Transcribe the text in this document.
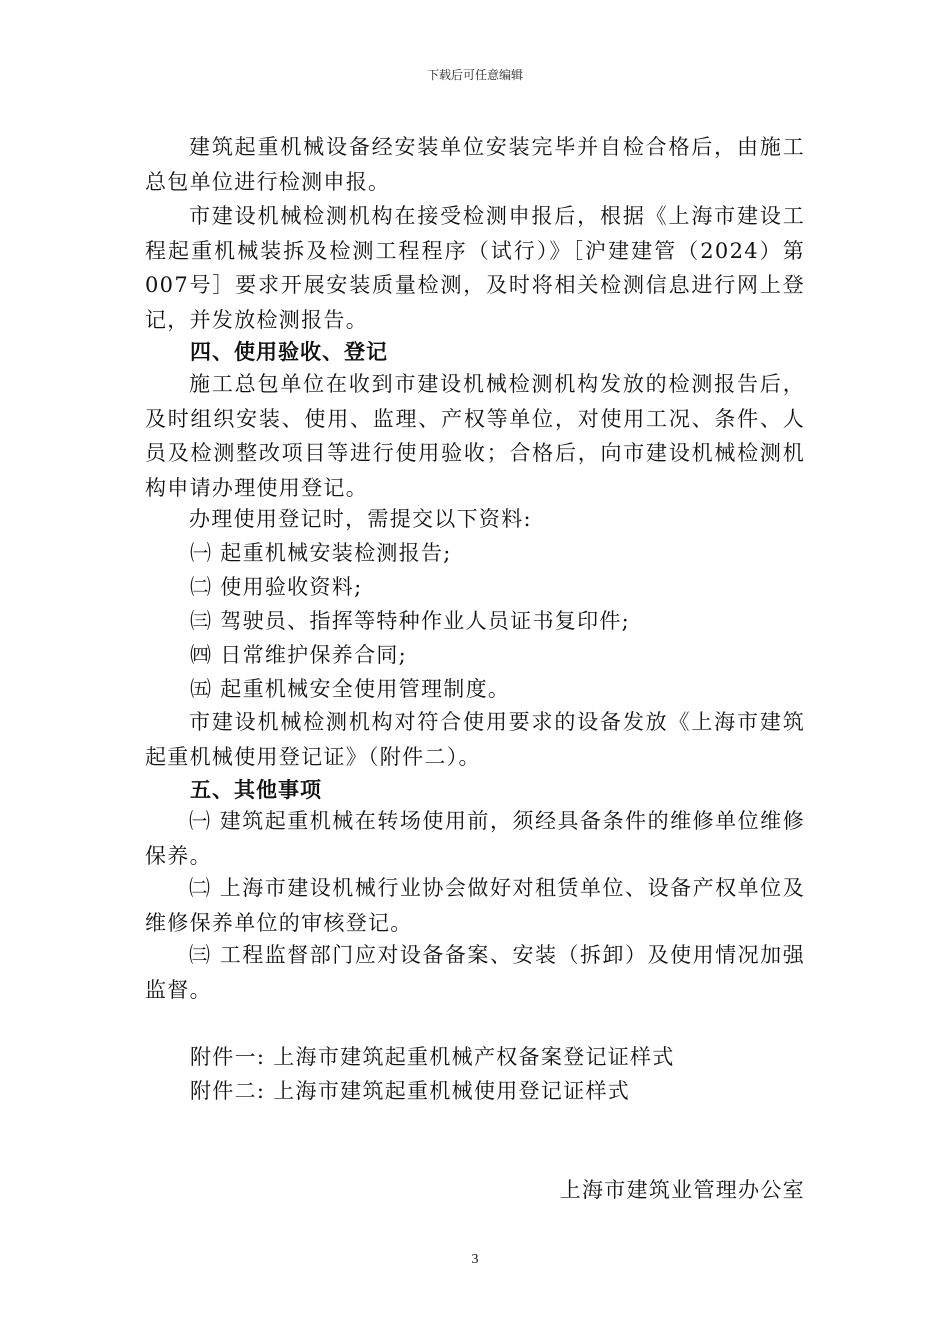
下载后可任意编辑
建筑起重机械设备经安装单位安装完毕并自检合格后，由施工总包单位进行检测申报。
市建设机械检测机构在接受检测申报后，根据《上海市建设工程起重机械装拆及检测工程程序（试行）》［沪建建管（2024）第007号］要求开展安装质量检测，及时将相关检测信息进行网上登记，并发放检测报告。
四、使用验收、登记
施工总包单位在收到市建设机械检测机构发放的检测报告后，及时组织安装、使用、监理、产权等单位，对使用工况、条件、人员及检测整改项目等进行使用验收；合格后，向市建设机械检测机构申请办理使用登记。
办理使用登记时，需提交以下资料:
㈠ 起重机械安装检测报告;
㈡ 使用验收资料;
㈢ 驾驶员、指挥等特种作业人员证书复印件;
㈣ 日常维护保养合同;
㈤ 起重机械安全使用管理制度。
市建设机械检测机构对符合使用要求的设备发放《上海市建筑起重机械使用登记证》（附件二）。
五、其他事项
㈠ 建筑起重机械在转场使用前，须经具备条件的维修单位维修保养。
㈡ 上海市建设机械行业协会做好对租赁单位、设备产权单位及维修保养单位的审核登记。
㈢ 工程监督部门应对设备备案、安装（拆卸）及使用情况加强监督。
附件一: 上海市建筑起重机械产权备案登记证样式
附件二: 上海市建筑起重机械使用登记证样式
上海市建筑业管理办公室
3
